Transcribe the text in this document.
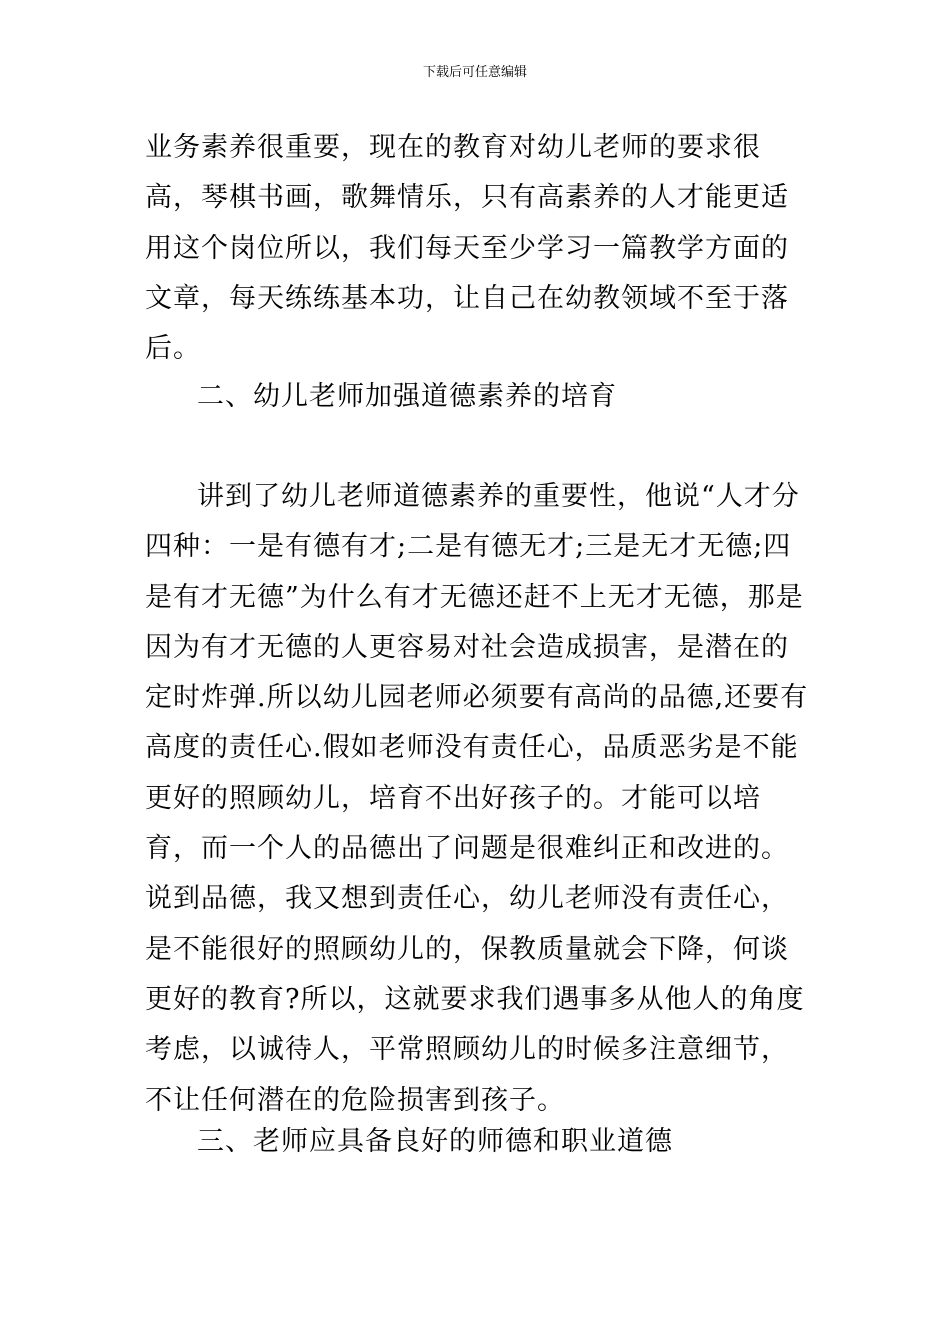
下载后可任意编辑

业务素养很重要，现在的教育对幼儿老师的要求很高，琴棋书画，歌舞情乐，只有高素养的人才能更适用这个岗位所以，我们每天至少学习一篇教学方面的文章，每天练练基本功，让自己在幼教领域不至于落后。

二、幼儿老师加强道德素养的培育

讲到了幼儿老师道德素养的重要性，他说“人才分四种：一是有德有才;二是有德无才;三是无才无德;四是有才无德”为什么有才无德还赶不上无才无德，那是因为有才无德的人更容易对社会造成损害，是潜在的定时炸弹.所以幼儿园老师必须要有高尚的品德,还要有高度的责任心.假如老师没有责任心，品质恶劣是不能更好的照顾幼儿，培育不出好孩子的。才能可以培育，而一个人的品德出了问题是很难纠正和改进的。说到品德，我又想到责任心，幼儿老师没有责任心，是不能很好的照顾幼儿的，保教质量就会下降，何谈更好的教育?所以，这就要求我们遇事多从他人的角度考虑，以诚待人，平常照顾幼儿的时候多注意细节，不让任何潜在的危险损害到孩子。

三、老师应具备良好的师德和职业道德
